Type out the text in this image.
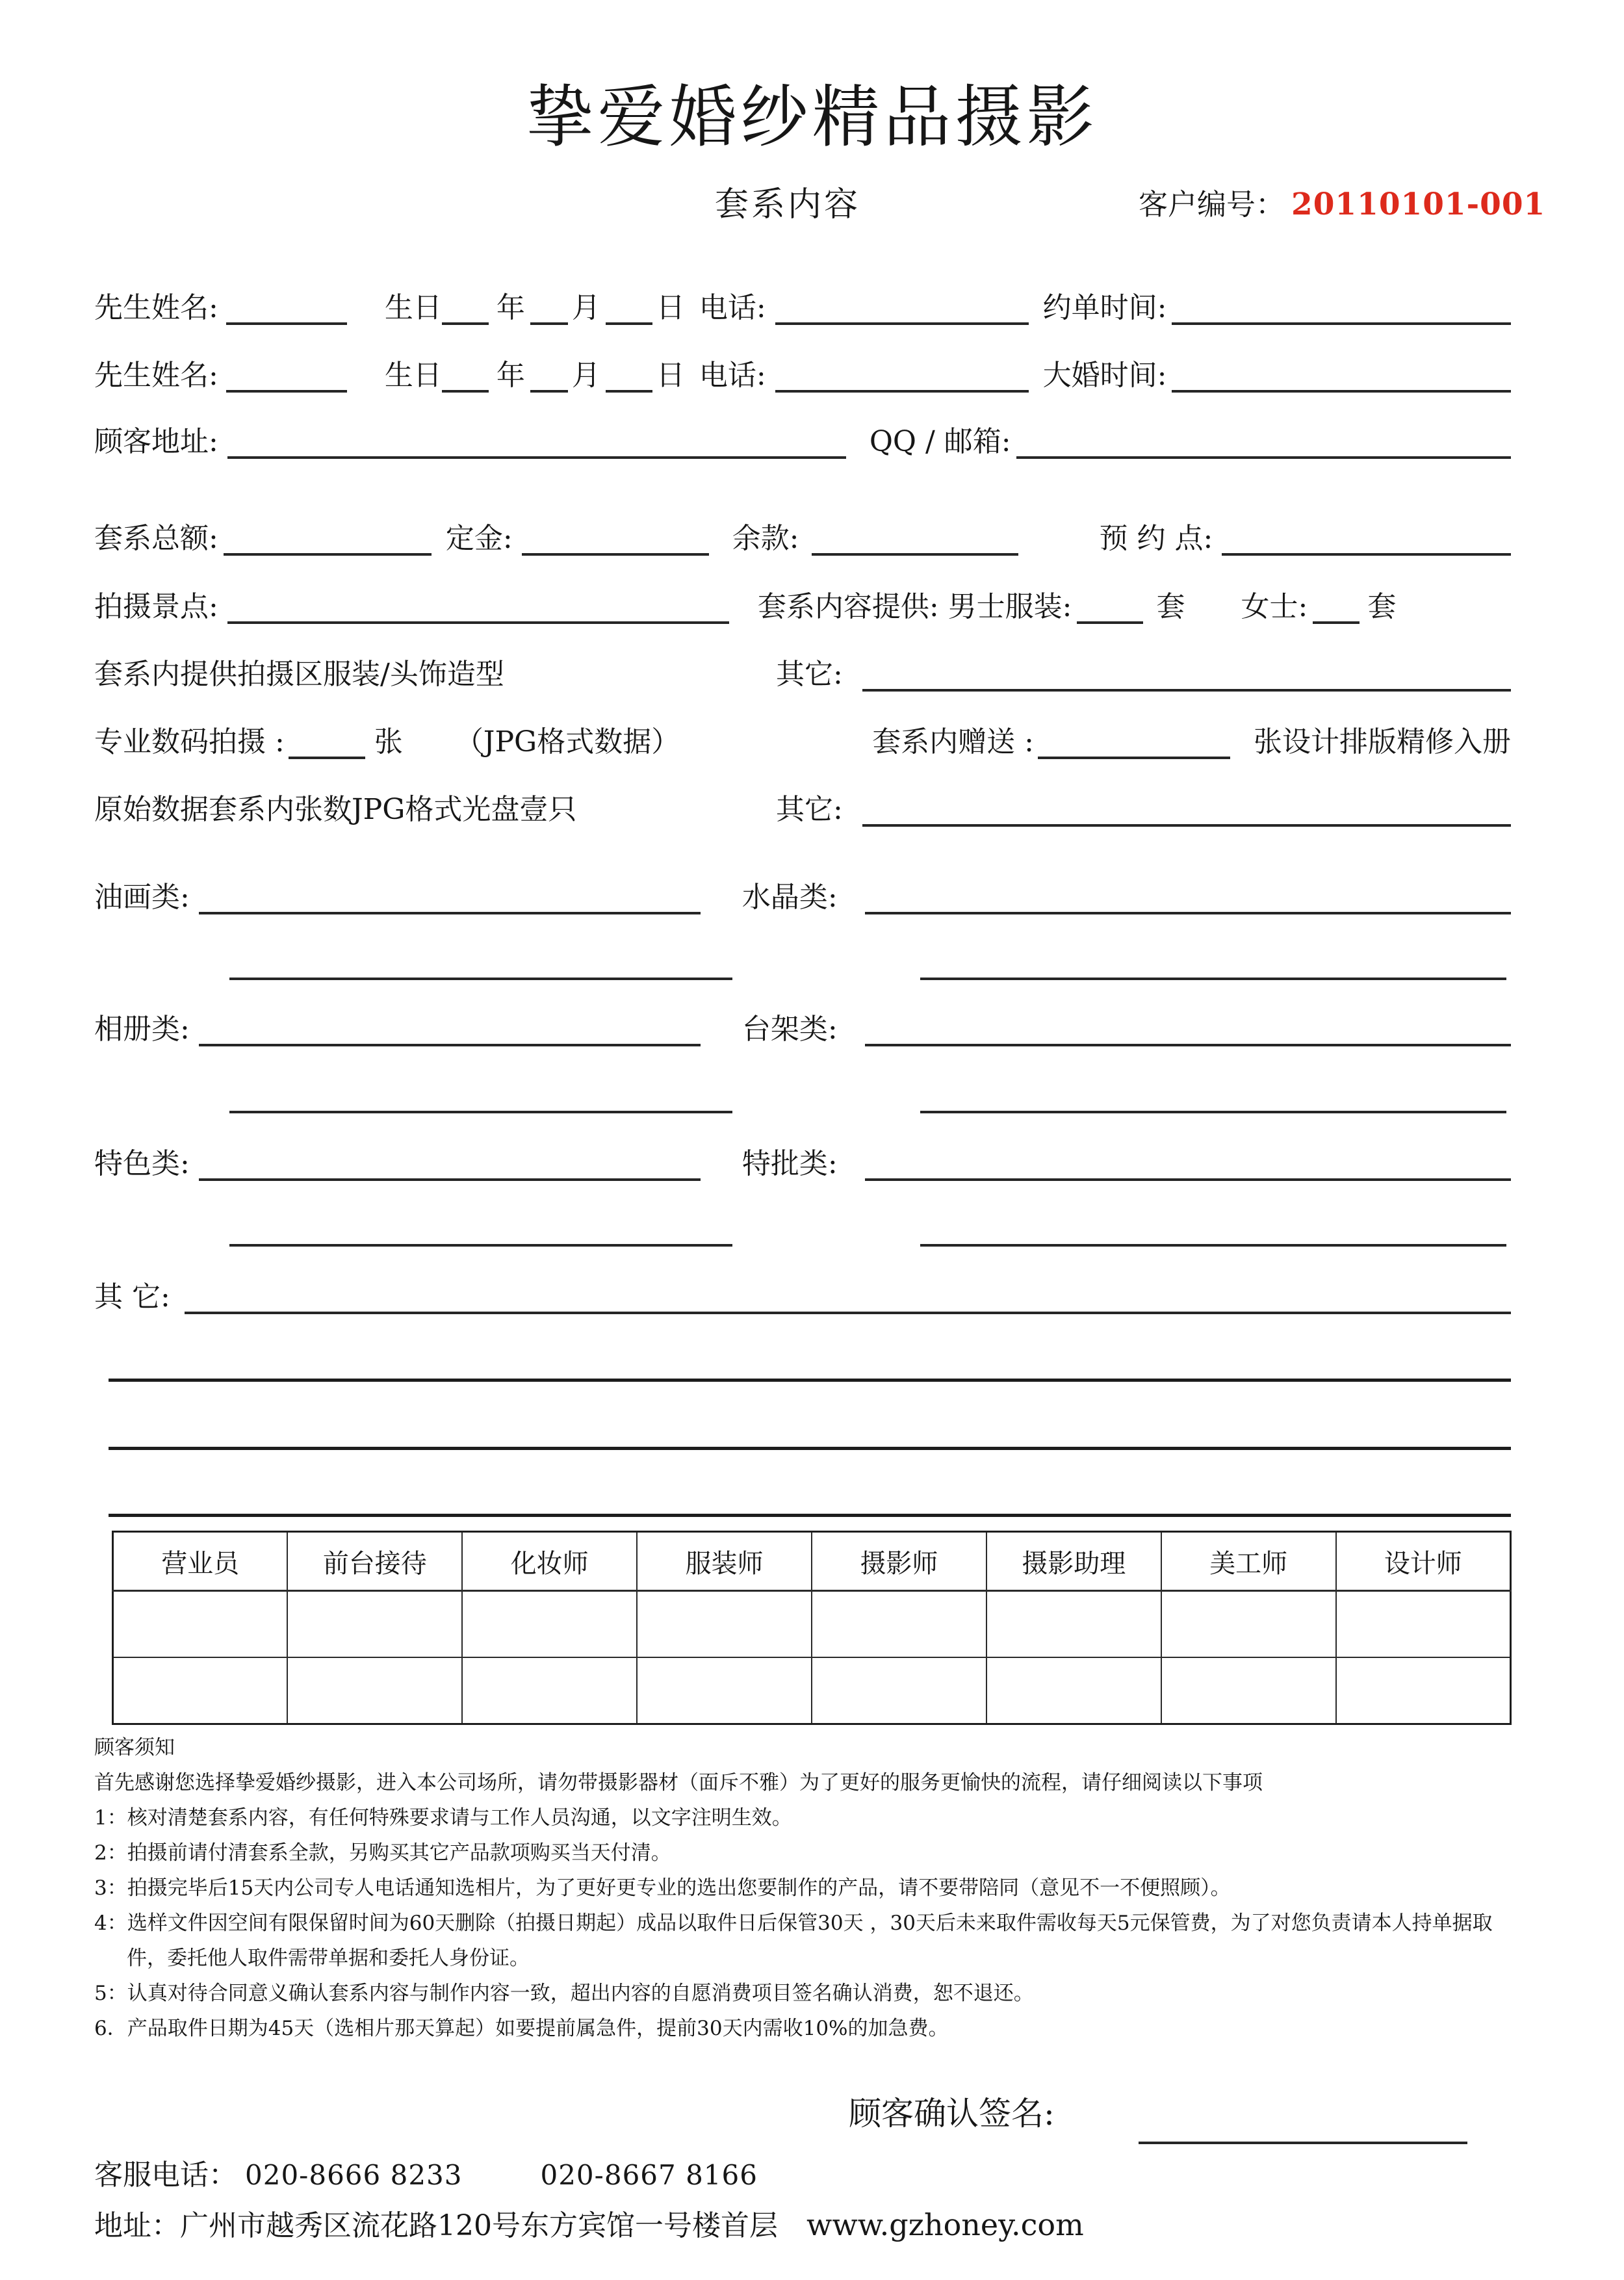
挚爱婚纱精品摄影
套系内容	客户编号： 20110101-001
先生姓名:	生日 年 月 日 电话:	约单时间:
先生姓名:	生日 年 月 日 电话:	大婚时间:
顾客地址:	QQ / 邮箱:
套系总额:	定金:	余款:	预 约 点:
拍摄景点:	套系内容提供: 男士服装:	套 女士: 套
套系内提供拍摄区服装/头饰造型	其它:
专业数码拍摄 :	张 （JPG格式数据）	套系内赠送 :	张设计排版精修入册
原始数据套系内张数JPG格式光盘壹只	其它:
油画类:	水晶类:
相册类:	台架类:
特色类:	特批类:
其 它:
营业员	前台接待	化妆师	服装师	摄影师	摄影助理	美工师	设计师

顾客须知
首先感谢您选择挚爱婚纱摄影，进入本公司场所，请勿带摄影器材（面斥不雅）为了更好的服务更愉快的流程，请仔细阅读以下事项
1：核对清楚套系内容，有任何特殊要求请与工作人员沟通，以文字注明生效。
2：拍摄前请付清套系全款，另购买其它产品款项购买当天付清。
3：拍摄完毕后15天内公司专人电话通知选相片，为了更好更专业的选出您要制作的产品，请不要带陪同（意见不一不便照顾）。
4：选样文件因空间有限保留时间为60天删除（拍摄日期起）成品以取件日后保管30天 ，30天后未来取件需收每天5元保管费，为了对您负责请本人持单据取件，委托他人取件需带单据和委托人身份证。
5：认真对待合同意义确认套系内容与制作内容一致，超出内容的自愿消费项目签名确认消费，恕不退还。
6．产品取件日期为45天（选相片那天算起）如要提前属急件，提前30天内需收10%的加急费。
顾客确认签名:
客服电话： 020-8666 8233	020-8667 8166
地址： 广州市越秀区流花路120号东方宾馆一号楼首层 www.gzhoney.com
